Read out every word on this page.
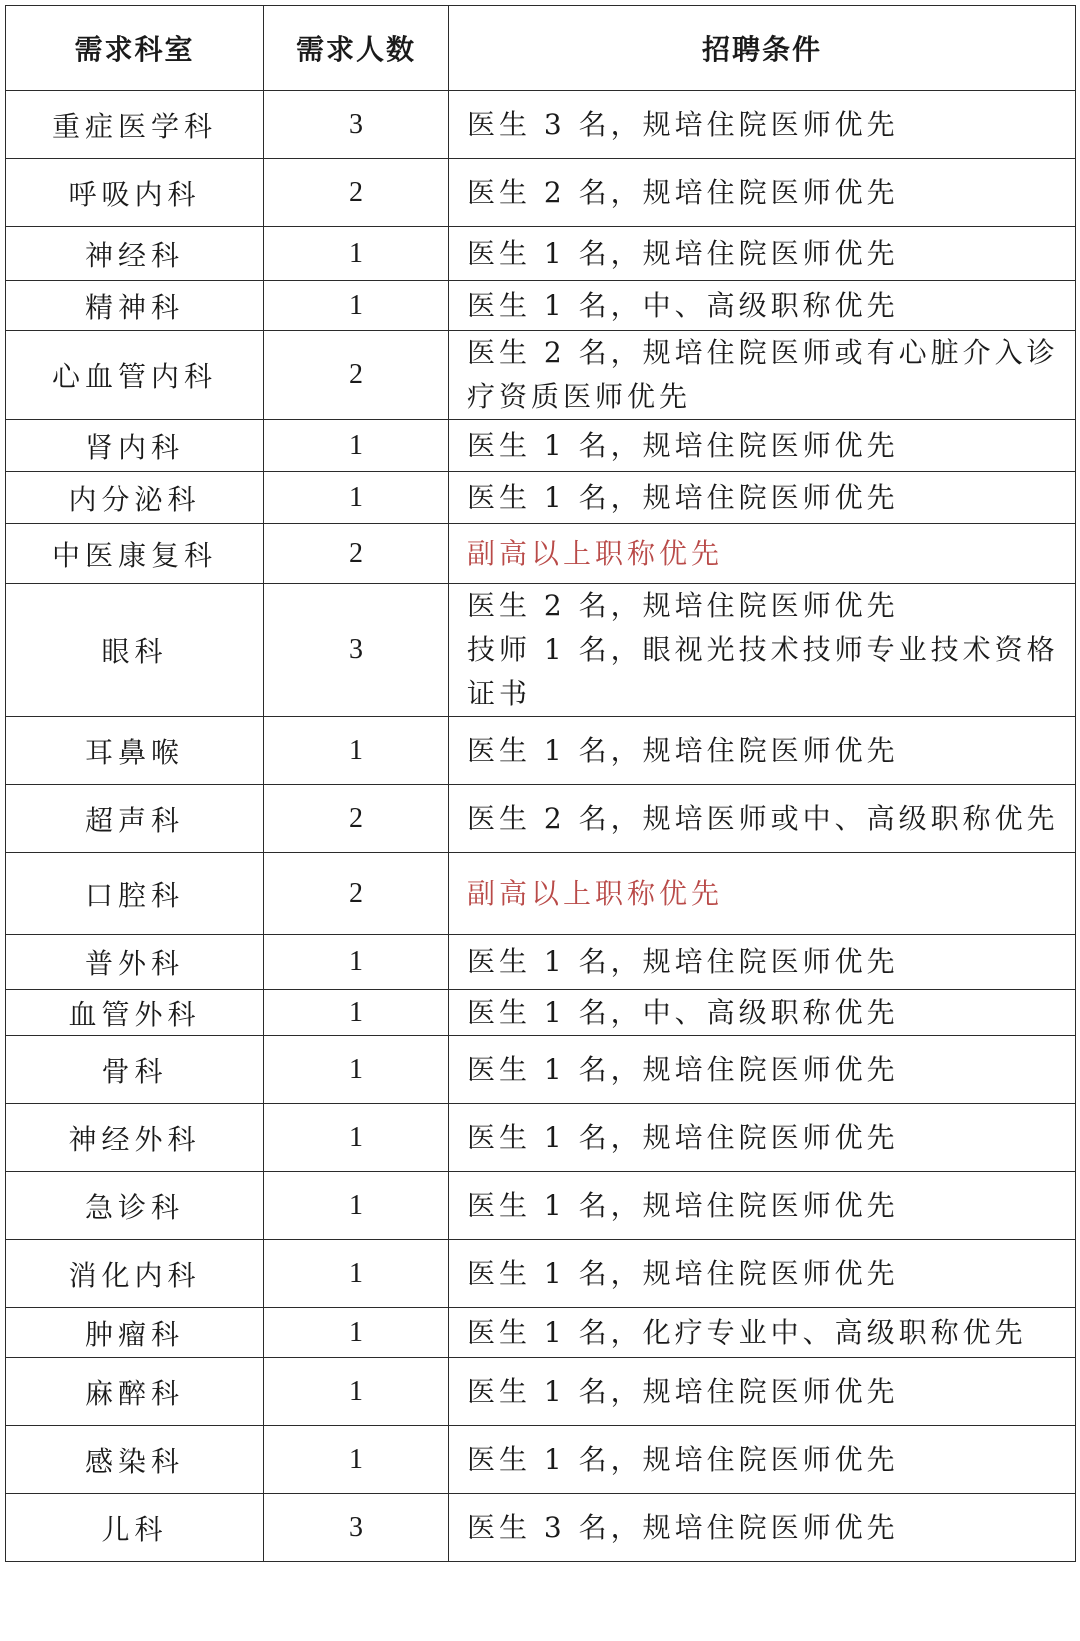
需求科室	需求人数	招聘条件
重症医学科	3	医生 3 名，规培住院医师优先

呼吸内科	2	医生 2 名，规培住院医师优先

神经科	1	医生 1 名，规培住院医师优先

精神科	1	医生 1 名，中、高级职称优先

心血管内科	2	医生 2 名，规培住院医师或有心脏介入诊
疗资质医师优先

肾内科	1	医生 1 名，规培住院医师优先

内分泌科	1	医生 1 名，规培住院医师优先

中医康复科	2	副高以上职称优先

眼科	3	医生 2 名，规培住院医师优先
技师 1 名，眼视光技术技师专业技术资格
证书

耳鼻喉	1	医生 1 名，规培住院医师优先

超声科	2	医生 2 名，规培医师或中、高级职称优先

口腔科	2	副高以上职称优先

普外科	1	医生 1 名，规培住院医师优先

血管外科	1	医生 1 名，中、高级职称优先

骨科	1	医生 1 名，规培住院医师优先

神经外科	1	医生 1 名，规培住院医师优先

急诊科	1	医生 1 名，规培住院医师优先

消化内科	1	医生 1 名，规培住院医师优先

肿瘤科	1	医生 1 名，化疗专业中、高级职称优先

麻醉科	1	医生 1 名，规培住院医师优先

感染科	1	医生 1 名，规培住院医师优先

儿科	3	医生 3 名，规培住院医师优先
